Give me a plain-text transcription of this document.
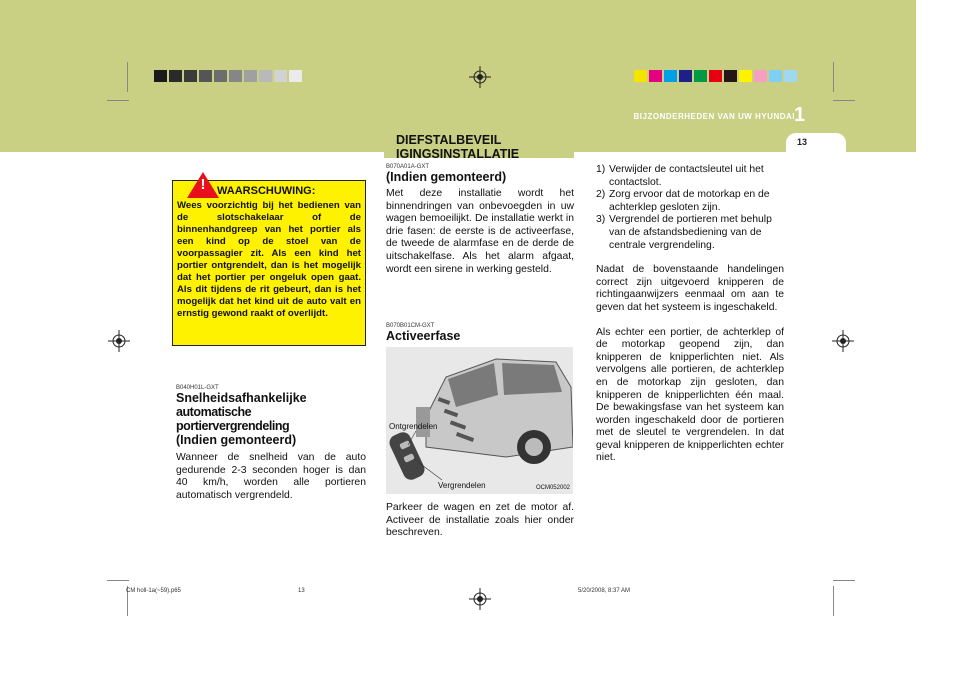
BIJZONDERHEDEN VAN UW HYUNDAI 1
13
WAARSCHUWING:
Wees voorzichtig bij het bedienen van de slotschakelaar of de binnenhandgreep van het portier als een kind op de stoel van de voorpassagier zit. Als een kind het portier ontgrendelt, dan is het mogelijk dat het portier per ongeluk open gaat. Als dit tijdens de rit gebeurt, dan is het mogelijk dat het kind uit de auto valt en ernstig gewond raakt of overlijdt.
!
B040H01L-GXT
Snelheidsafhankelijke
automatische portiervergrendeling
(Indien gemonteerd)
Wanneer de snelheid van de auto gedurende 2-3 seconden hoger is dan 40 km/h, worden alle portieren automatisch vergrendeld.
DIEFSTALBEVEIL
IGINGSINSTALLATIE
B070A01A-GXT
(Indien gemonteerd)
Met deze installatie wordt het binnendringen van onbevoegden in uw wagen bemoeilijkt. De installatie werkt in drie fasen: de eerste is de activeerfase, de tweede de alarmfase en de derde de uitschakelfase. Als het alarm afgaat, wordt een sirene in werking gesteld.
B070B01CM-GXT
Activeerfase
Ontgrendelen
Vergrendelen	OCM052002
Parkeer de wagen en zet de motor af. Activeer de installatie zoals hier onder beschreven.
1) Verwijder de contactsleutel uit het contactslot.
2) Zorg ervoor dat de motorkap en de achterklep gesloten zijn.
3) Vergrendel de portieren met behulp van de afstandsbediening van de centrale vergrendeling.
Nadat de bovenstaande handelingen correct zijn uitgevoerd knipperen de richtingaanwijzers eenmaal om aan te geven dat het systeem is ingeschakeld.
Als echter een portier, de achterklep of de motorkap geopend zijn, dan knipperen de knipperlichten niet. Als vervolgens alle portieren, de achterklep en de motorkap zijn gesloten, dan knipperen de knipperlichten één maal. De bewakingsfase van het systeem kan worden ingeschakeld door de portieren met de sleutel te vergrendelen. In dat geval knipperen de knipperlichten echter niet.
CM holl-1a(~59).p65	13	5/20/2008, 8:37 AM
